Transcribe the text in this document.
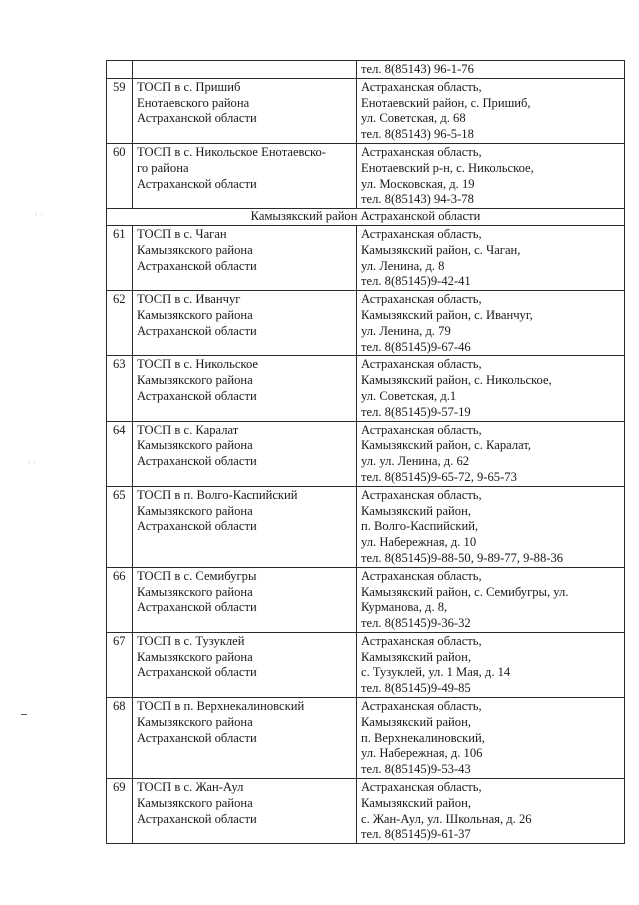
◦ ·
◦ ·

		тел. 8(85143) 96-1-76

59	ТОСП в с. Пришиб
Енотаевского района
Астраханской области	Астраханская область,
Енотаевский район, с. Пришиб,
ул. Советская, д. 68
тел. 8(85143) 96-5-18

60	ТОСП в с. Никольское Енотаевско-
го района
Астраханской области	Астраханская область,
Енотаевский р-н, с. Никольское,
ул. Московская, д. 19
тел. 8(85143) 94-3-78

Камызякский район Астраханской области		
61	ТОСП в с. Чаган
Камызякского района
Астраханской области	Астраханская область,
Камызякский район, с. Чаган,
ул. Ленина, д. 8
тел. 8(85145)9-42-41

62	ТОСП в с. Иванчуг
Камызякского района
Астраханской области	Астраханская область,
Камызякский район, с. Иванчуг,
ул. Ленина, д. 79
тел. 8(85145)9-67-46

63	ТОСП в с. Никольское
Камызякского района
Астраханской области	Астраханская область,
Камызякский район, с. Никольское,
ул. Советская, д.1
тел. 8(85145)9-57-19

64	ТОСП в с. Каралат
Камызякского района
Астраханской области	Астраханская область,
Камызякский район, с. Каралат,
ул. ул. Ленина, д. 62
тел. 8(85145)9-65-72, 9-65-73

65	ТОСП в п. Волго-Каспийский
Камызякского района
Астраханской области	Астраханская область,
Камызякский район,
п. Волго-Каспийский,
ул. Набережная, д. 10
тел. 8(85145)9-88-50, 9-89-77, 9-88-36

66	ТОСП в с. Семибугры
Камызякского района
Астраханской области	Астраханская область,
Камызякский район, с. Семибугры, ул.
Курманова, д. 8,
тел. 8(85145)9-36-32

67	ТОСП в с. Тузуклей
Камызякского района
Астраханской области	Астраханская область,
Камызякский район,
с. Тузуклей, ул. 1 Мая, д. 14
тел. 8(85145)9-49-85

68	ТОСП в п. Верхнекалиновский
Камызякского района
Астраханской области	Астраханская область,
Камызякский район,
п. Верхнекалиновский,
ул. Набережная, д. 106
тел. 8(85145)9-53-43

69	ТОСП в с. Жан-Аул
Камызякского района
Астраханской области	Астраханская область,
Камызякский район,
с. Жан-Аул, ул. Школьная, д. 26
тел. 8(85145)9-61-37
